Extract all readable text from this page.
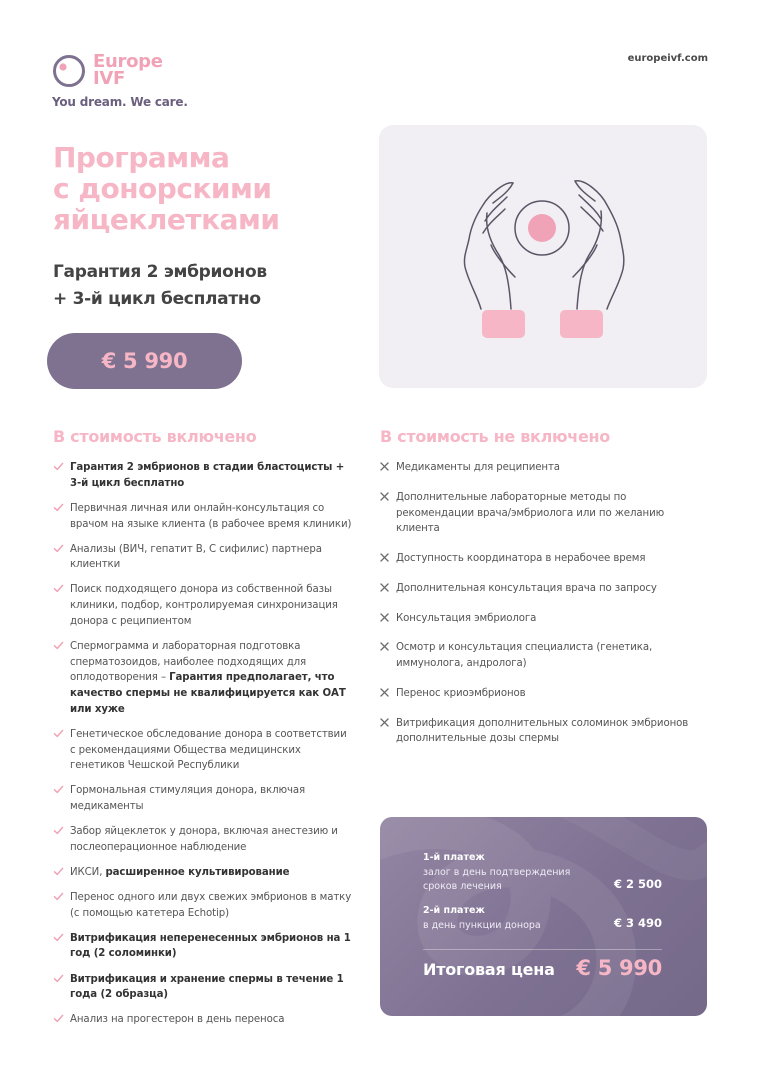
Europe
IVF
You dream. We care.
europeivf.com
Программа
с донорскими
яйцеклетками
Гарантия 2 эмбрионов
+ 3-й цикл бесплатно
€ 5 990
В стоимость включено	В стоимость не включено
Гарантия 2 эмбрионов в стадии бластоцисты + 3-й цикл бесплатно
Первичная личная или онлайн-консультация со врачом на языке клиента (в рабочее время клиники)
Анализы (ВИЧ, гепатит B, C сифилис) партнера клиентки
Поиск подходящего донора из собственной базы клиники, подбор, контролируемая синхронизация донора с реципиентом
Спермограмма и лабораторная подготовка сперматозоидов, наиболее подходящих для оплодотворения – Гарантия предполагает, что качество спермы не квалифицируется как ОАТ или хуже
Генетическое обследование донора в соответствии с рекомендациями Общества медицинских генетиков Чешской Республики
Гормональная стимуляция донора, включая медикаменты
Забор яйцеклеток у донора, включая анестезию и послеоперационное наблюдение
ИКСИ, расширенное культивирование
Перенос одного или двух свежих эмбрионов в матку (с помощью катетера Echotip)
Витрификация неперенесенных эмбрионов на 1 год (2 соломинки)
Витрификация и хранение спермы в течение 1 года (2 образца)
Анализ на прогестерон в день переноса
Медикаменты для реципиента
Дополнительные лабораторные методы по рекомендации врача/эмбриолога или по желанию клиента
Доступность координатора в нерабочее время
Дополнительная консультация врача по запросу
Консультация эмбриолога
Осмотр и консультация специалиста (генетика, иммунолога, андролога)
Перенос криоэмбрионов
Витрификация дополнительных соломинок эмбрионов дополнительные дозы спермы
1-й платеж
залог в день подтверждения сроков лечения	€ 2 500
2-й платеж
в день пункции донора	€ 3 490
Итоговая цена € 5 990
